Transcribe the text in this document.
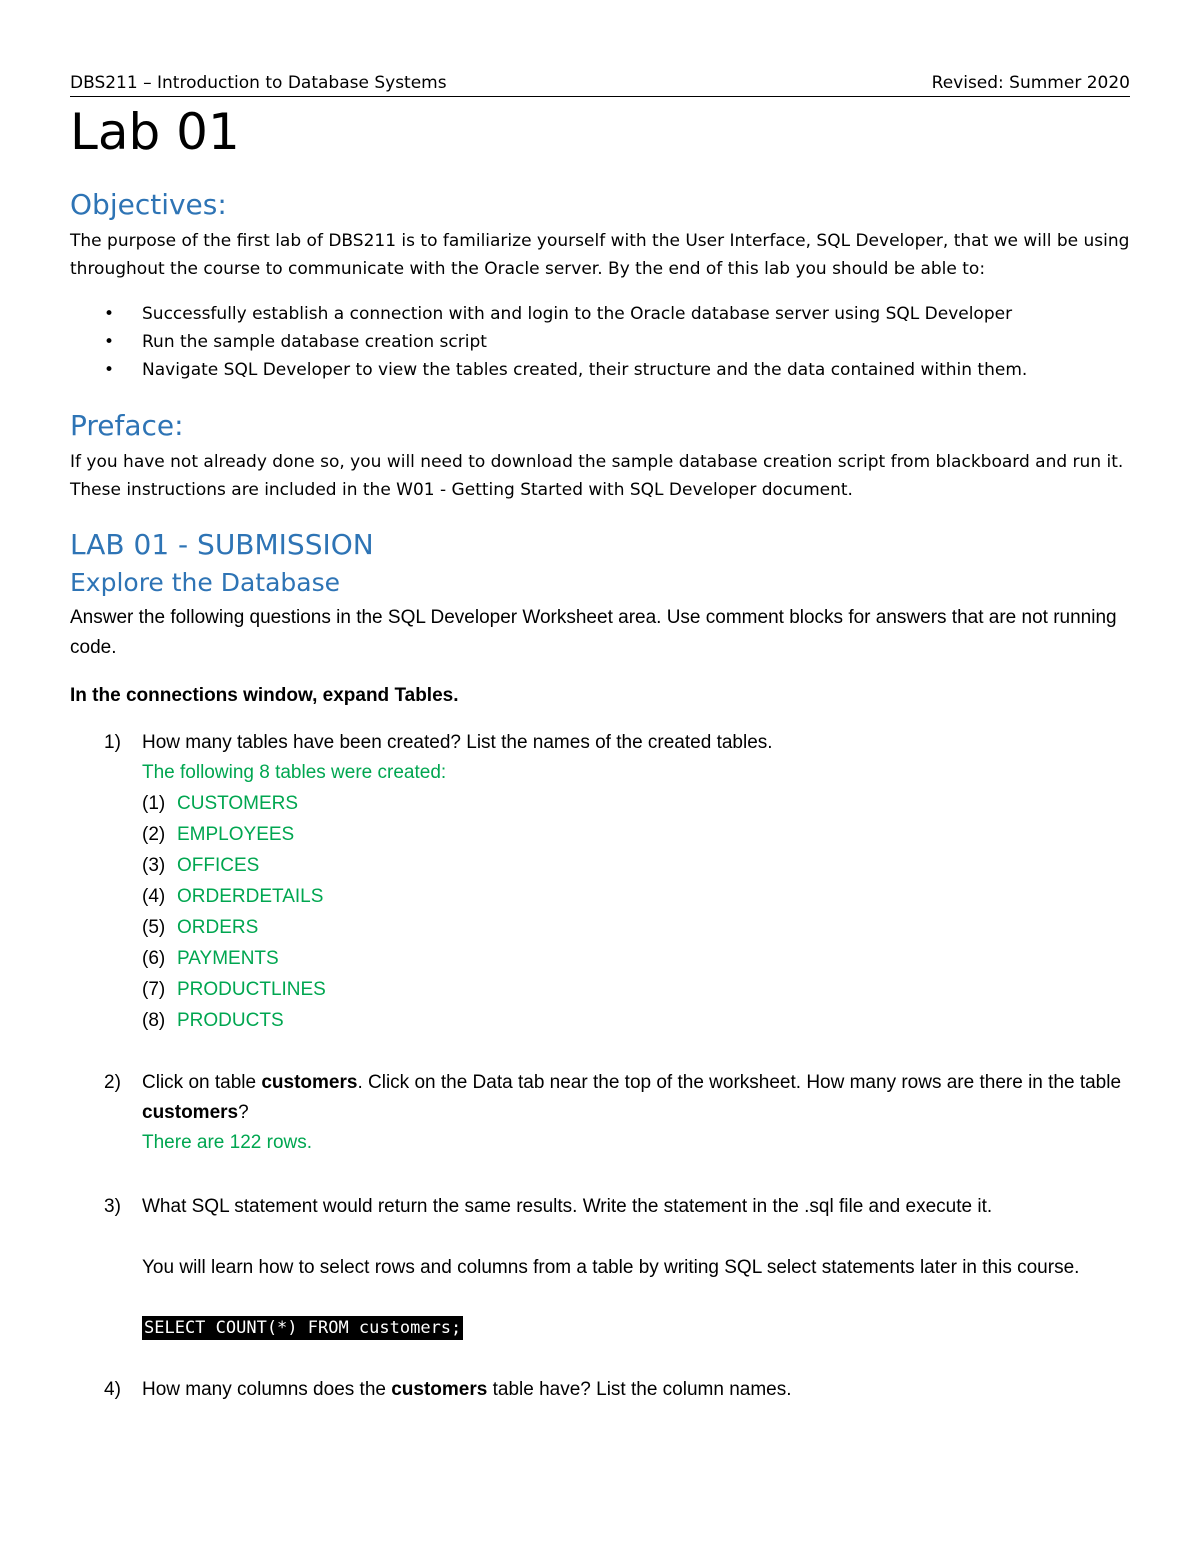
DBS211 – Introduction to Database Systems	Revised: Summer 2020
Lab 01
Objectives:
The purpose of the first lab of DBS211 is to familiarize yourself with the User Interface, SQL Developer, that we will be using throughout the course to communicate with the Oracle server. By the end of this lab you should be able to:
•	Successfully establish a connection with and login to the Oracle database server using SQL Developer
•	Run the sample database creation script
•	Navigate SQL Developer to view the tables created, their structure and the data contained within them.
Preface:
If you have not already done so, you will need to download the sample database creation script from blackboard and run it. These instructions are included in the W01 - Getting Started with SQL Developer document.
LAB 01 - SUBMISSION
Explore the Database
Answer the following questions in the SQL Developer Worksheet area. Use comment blocks for answers that are not running code.
In the connections window, expand Tables.
1)	How many tables have been created? List the names of the created tables.
The following 8 tables were created:
(1) CUSTOMERS
(2) EMPLOYEES
(3) OFFICES
(4) ORDERDETAILS
(5) ORDERS
(6) PAYMENTS
(7) PRODUCTLINES
(8) PRODUCTS
2)	Click on table customers. Click on the Data tab near the top of the worksheet. How many rows are there in the table customers?
There are 122 rows.
3)	What SQL statement would return the same results. Write the statement in the .sql file and execute it.
You will learn how to select rows and columns from a table by writing SQL select statements later in this course.
SELECT COUNT(*) FROM customers;
4)	How many columns does the customers table have? List the column names.
